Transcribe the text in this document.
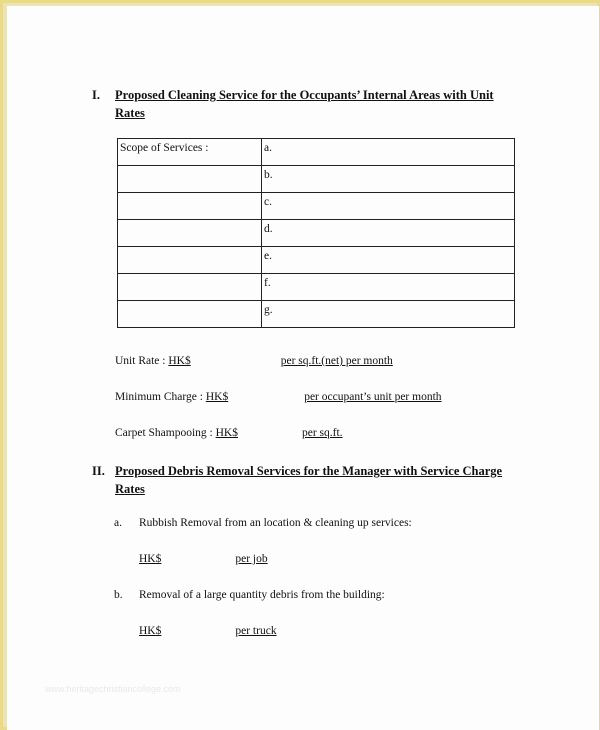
I. Proposed Cleaning Service for the Occupants’ Internal Areas with Unit Rates
Scope of Services :	a.
	b.
	c.
	d.
	e.
	f.
	g.
Unit Rate : HK$	per sq.ft.(net) per month
Minimum Charge : HK$	per occupant’s unit per month
Carpet Shampooing : HK$	per sq.ft.
II. Proposed Debris Removal Services for the Manager with Service Charge Rates
a. Rubbish Removal from an location & cleaning up services:
HK$	per job
b. Removal of a large quantity debris from the building:
HK$	per truck
www.heritagechristiancollege.com
